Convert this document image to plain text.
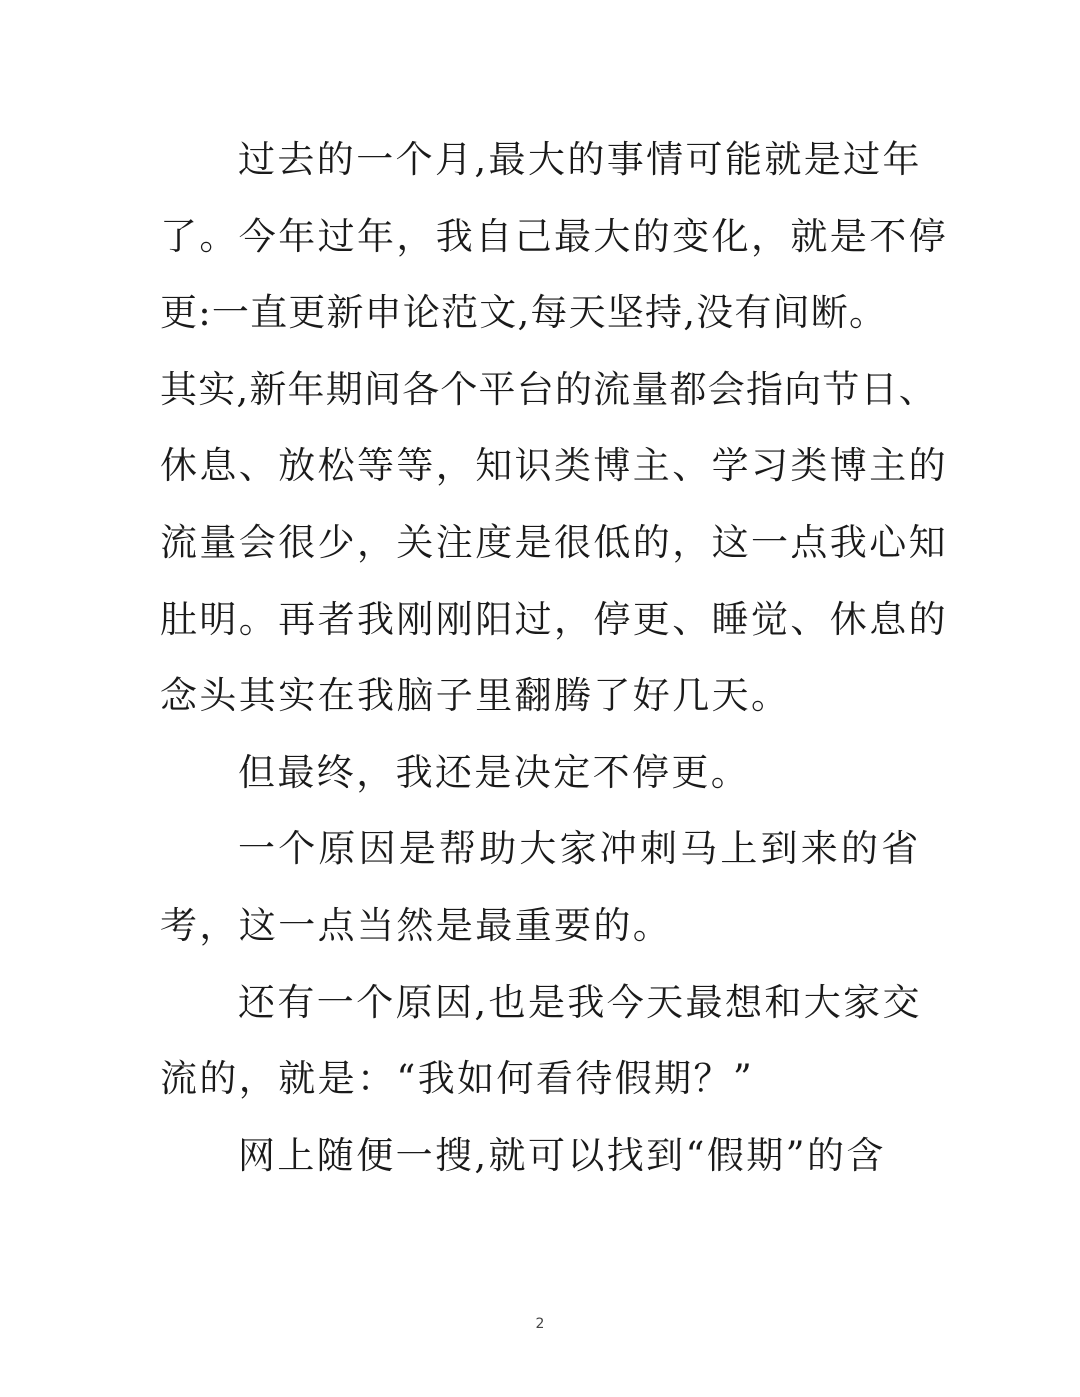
过去的一个月,最大的事情可能就是过年
了。今年过年，我自己最大的变化，就是不停
更:一直更新申论范文,每天坚持,没有间断。
其实,新年期间各个平台的流量都会指向节日、
休息、放松等等，知识类博主、学习类博主的
流量会很少，关注度是很低的，这一点我心知
肚明。再者我刚刚阳过，停更、睡觉、休息的
念头其实在我脑子里翻腾了好几天。
但最终，我还是决定不停更。
一个原因是帮助大家冲刺马上到来的省
考，这一点当然是最重要的。
还有一个原因,也是我今天最想和大家交
流的，就是：“我如何看待假期？”
网上随便一搜,就可以找到“假期”的含
2
